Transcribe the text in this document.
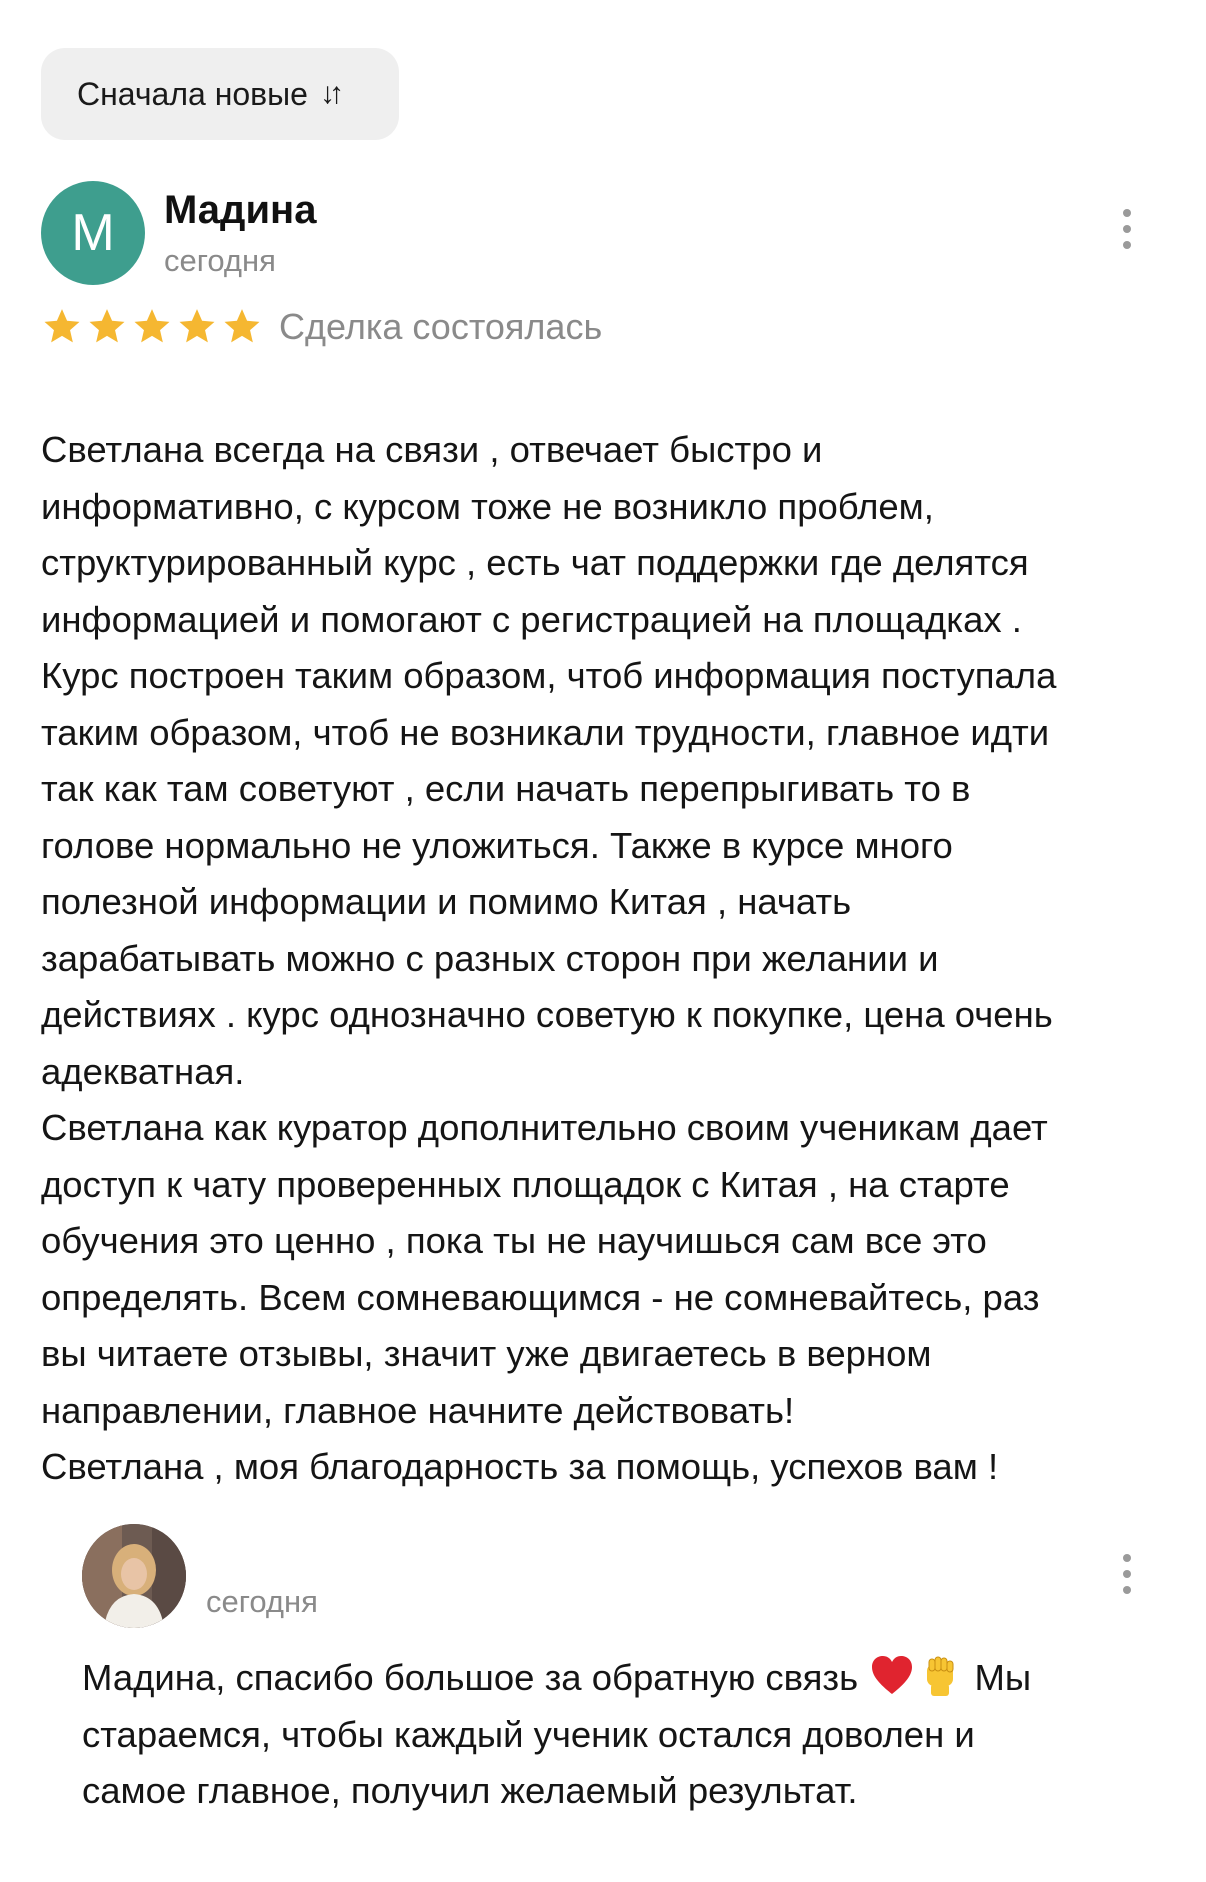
Сначала новые ↓↑
М Мадина
сегодня
Сделка состоялась
Светлана всегда на связи , отвечает быстро и
информативно, с курсом тоже не возникло проблем,
структурированный курс , есть чат поддержки где делятся
информацией и помогают с регистрацией на площадках .
Курс построен таким образом, чтоб информация поступала
таким образом, чтоб не возникали трудности, главное идти
так как там советуют , если начать перепрыгивать то в
голове нормально не уложиться. Также в курсе много
полезной информации и помимо Китая , начать
зарабатывать можно с разных сторон при желании и
действиях . курс однозначно советую к покупке, цена очень
адекватная.
Светлана как куратор дополнительно своим ученикам дает
доступ к чату проверенных площадок с Китая , на старте
обучения это ценно , пока ты не научишься сам все это
определять. Всем сомневающимся - не сомневайтесь, раз
вы читаете отзывы, значит уже двигаетесь в верном
направлении, главное начните действовать!
Светлана , моя благодарность за помощь, успехов вам !
сегодня
Мадина, спасибо большое за обратную связь	Мы
стараемся, чтобы каждый ученик остался доволен и
самое главное, получил желаемый результат.
